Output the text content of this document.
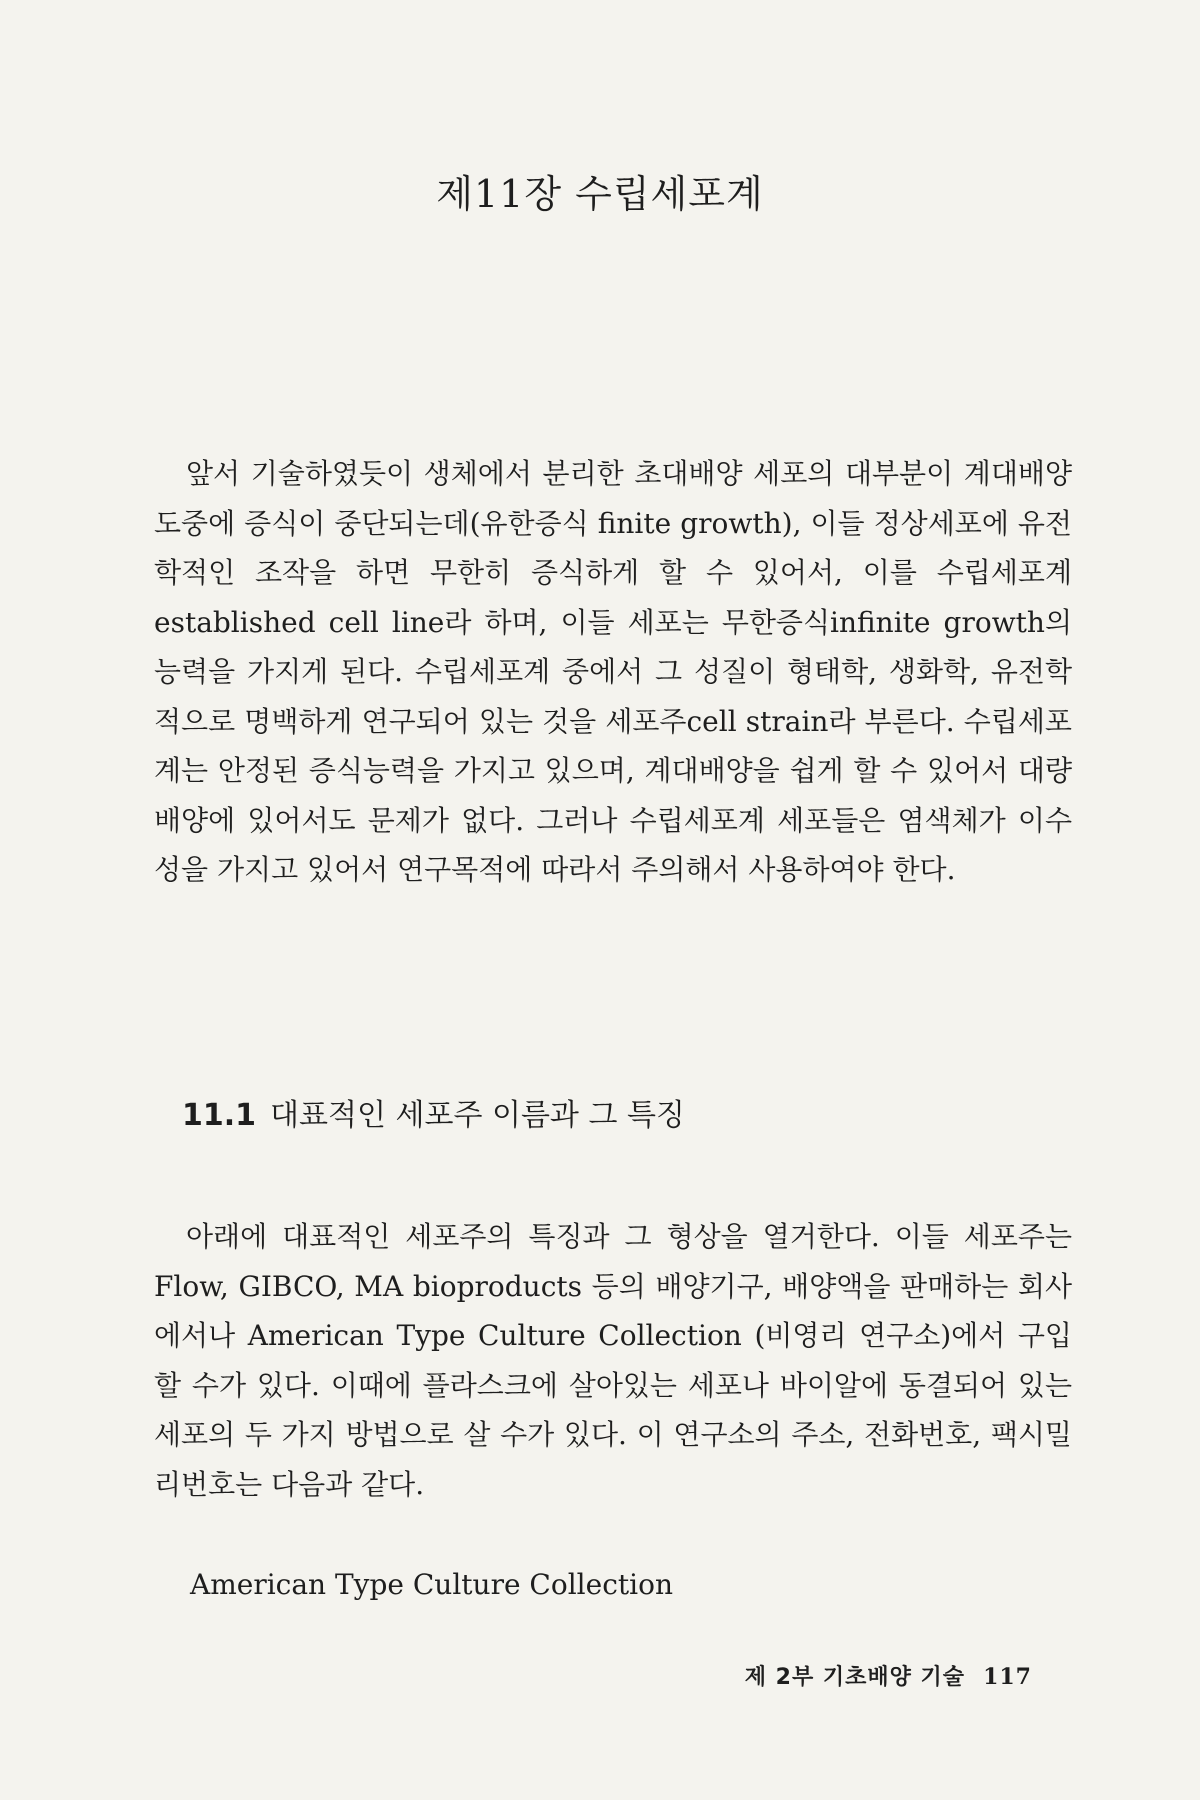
제11장 수립세포계

앞서 기술하였듯이 생체에서 분리한 초대배양 세포의 대부분이 계대배양 도중에 증식이 중단되는데(유한증식 finite growth), 이들 정상세포에 유전학적인 조작을 하면 무한히 증식하게 할 수 있어서, 이를 수립세포계established cell line라 하며, 이들 세포는 무한증식infinite growth의 능력을 가지게 된다. 수립세포계 중에서 그 성질이 형태학, 생화학, 유전학적으로 명백하게 연구되어 있는 것을 세포주cell strain라 부른다. 수립세포계는 안정된 증식능력을 가지고 있으며, 계대배양을 쉽게 할 수 있어서 대량배양에 있어서도 문제가 없다. 그러나 수립세포계 세포들은 염색체가 이수성을 가지고 있어서 연구목적에 따라서 주의해서 사용하여야 한다.

11.1 대표적인 세포주 이름과 그 특징

아래에 대표적인 세포주의 특징과 그 형상을 열거한다. 이들 세포주는 Flow, GIBCO, MA bioproducts 등의 배양기구, 배양액을 판매하는 회사에서나 American Type Culture Collection (비영리 연구소)에서 구입할 수가 있다. 이때에 플라스크에 살아있는 세포나 바이알에 동결되어 있는 세포의 두 가지 방법으로 살 수가 있다. 이 연구소의 주소, 전화번호, 팩시밀리번호는 다음과 같다.

American Type Culture Collection

제 2부 기초배양 기술 117
